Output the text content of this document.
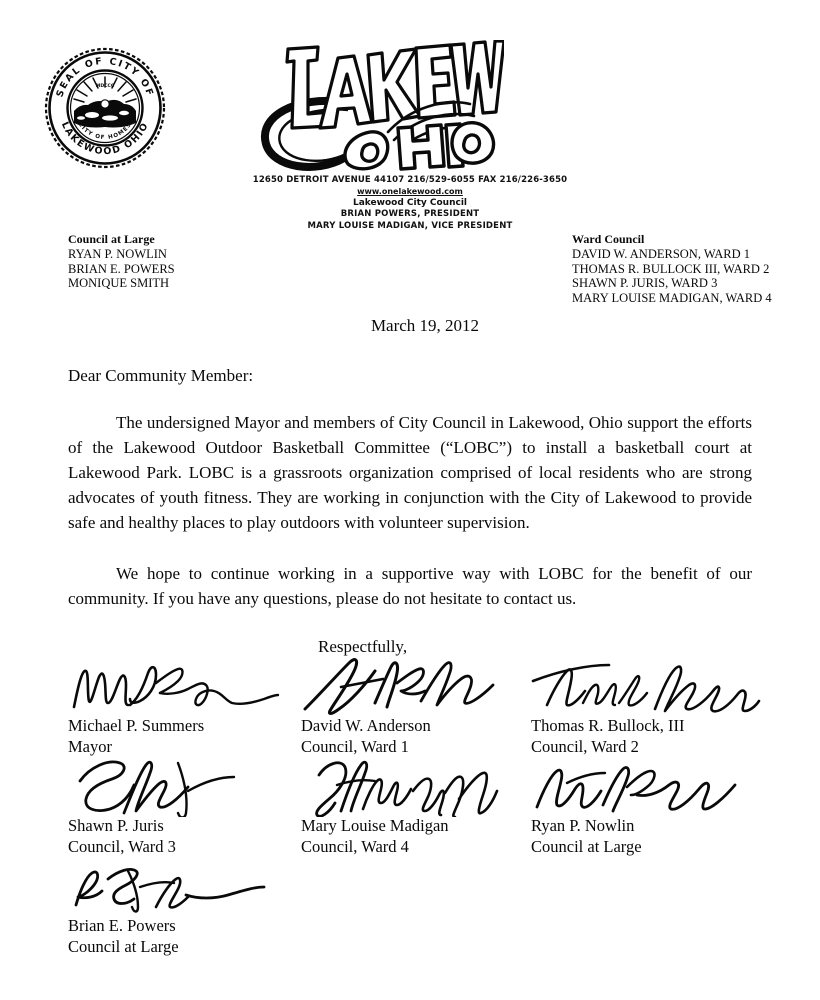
SEAL OF CITY OF
LAKEWOOD OHIO
MDCCC
CITY OF HOMES
12650 DETROIT AVENUE 44107 216/529-6055 FAX 216/226-3650
www.onelakewood.com
Lakewood City Council
BRIAN POWERS, PRESIDENT
MARY LOUISE MADIGAN, VICE PRESIDENT
Council at Large
RYAN P. NOWLIN
BRIAN E. POWERS
MONIQUE SMITH
Ward Council
DAVID W. ANDERSON, WARD 1
THOMAS R. BULLOCK III, WARD 2
SHAWN P. JURIS, WARD 3
MARY LOUISE MADIGAN, WARD 4
March 19, 2012
Dear Community Member:

The undersigned Mayor and members of City Council in Lakewood, Ohio support the efforts of the Lakewood Outdoor Basketball Committee (“LOBC”) to install a basketball court at Lakewood Park. LOBC is a grassroots organization comprised of local residents who are strong advocates of youth fitness. They are working in conjunction with the City of Lakewood to provide safe and healthy places to play outdoors with volunteer supervision.

We hope to continue working in a supportive way with LOBC for the benefit of our community. If you have any questions, please do not hesitate to contact us.

Respectfully,
Michael P. Summers
Mayor
David W. Anderson
Council, Ward 1
Thomas R. Bullock, III
Council, Ward 2
Shawn P. Juris
Council, Ward 3
Mary Louise Madigan
Council, Ward 4
Ryan P. Nowlin
Council at Large
Brian E. Powers
Council at Large
